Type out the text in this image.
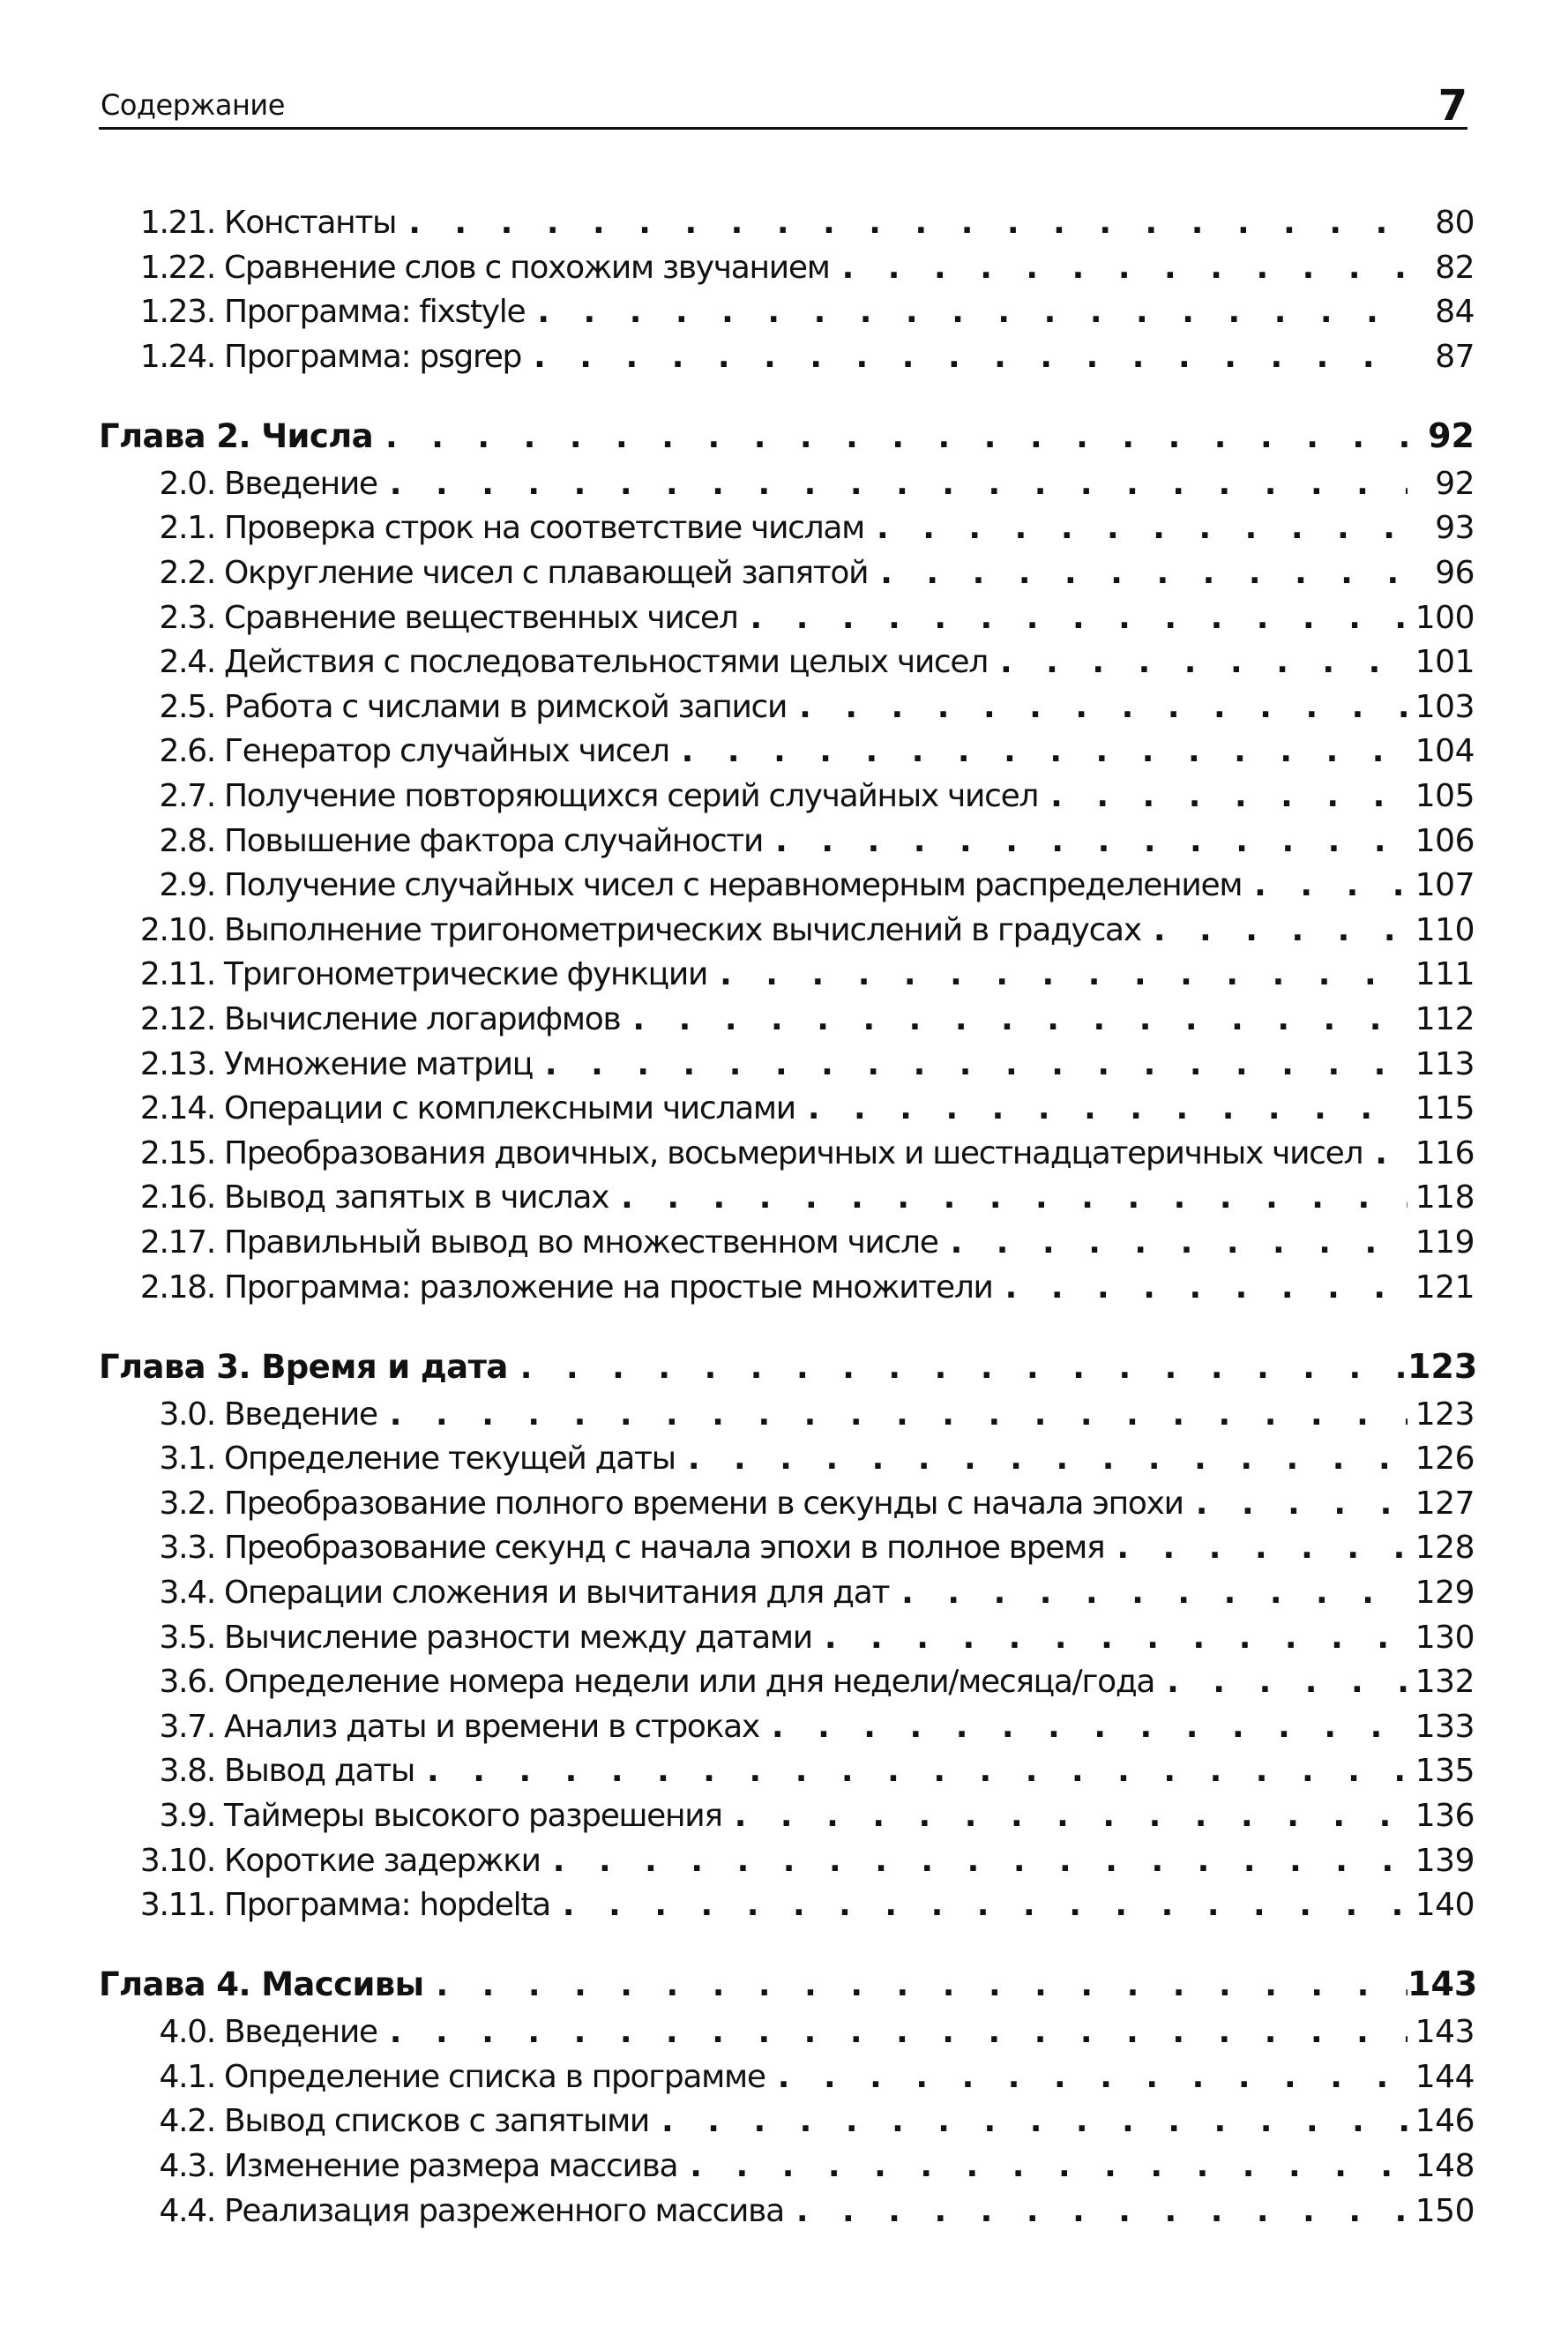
Содержание	7
1.21. Константы . . .	80
1.22. Сравнение слов с похожим звучанием . . .	82
1.23. Программа: fixstyle . . .	84
1.24. Программа: psgrep . . .	87
Глава 2. Числа . . .	92
2.0. Введение . . .	92
2.1. Проверка строк на соответствие числам . . .	93
2.2. Округление чисел с плавающей запятой . . .	96
2.3. Сравнение вещественных чисел . . .	100
2.4. Действия с последовательностями целых чисел . . .	101
2.5. Работа с числами в римской записи . . .	103
2.6. Генератор случайных чисел . . .	104
2.7. Получение повторяющихся серий случайных чисел . . .	105
2.8. Повышение фактора случайности . . .	106
2.9. Получение случайных чисел с неравномерным распределением . . .	107
2.10. Выполнение тригонометрических вычислений в градусах . . .	110
2.11. Тригонометрические функции . . .	111
2.12. Вычисление логарифмов . . .	112
2.13. Умножение матриц . . .	113
2.14. Операции с комплексными числами . . .	115
2.15. Преобразования двоичных, восьмеричных и шестнадцатеричных чисел . . . 116
2.16. Вывод запятых в числах . . .	118
2.17. Правильный вывод во множественном числе . . .	119
2.18. Программа: разложение на простые множители . . .	121
Глава 3. Время и дата . . .	123
3.0. Введение . . .	123
3.1. Определение текущей даты . . .	126
3.2. Преобразование полного времени в секунды с начала эпохи . . .	127
3.3. Преобразование секунд с начала эпохи в полное время . . .	128
3.4. Операции сложения и вычитания для дат . . .	129
3.5. Вычисление разности между датами . . .	130
3.6. Определение номера недели или дня недели/месяца/года . . .	132
3.7. Анализ даты и времени в строках . . .	133
3.8. Вывод даты . . .	135
3.9. Таймеры высокого разрешения . . .	136
3.10. Короткие задержки . . .	139
3.11. Программа: hopdelta . . .	140
Глава 4. Массивы . . .	143
4.0. Введение . . .	143
4.1. Определение списка в программе . . .	144
4.2. Вывод списков с запятыми . . .	146
4.3. Изменение размера массива . . .	148
4.4. Реализация разреженного массива . . .	150
